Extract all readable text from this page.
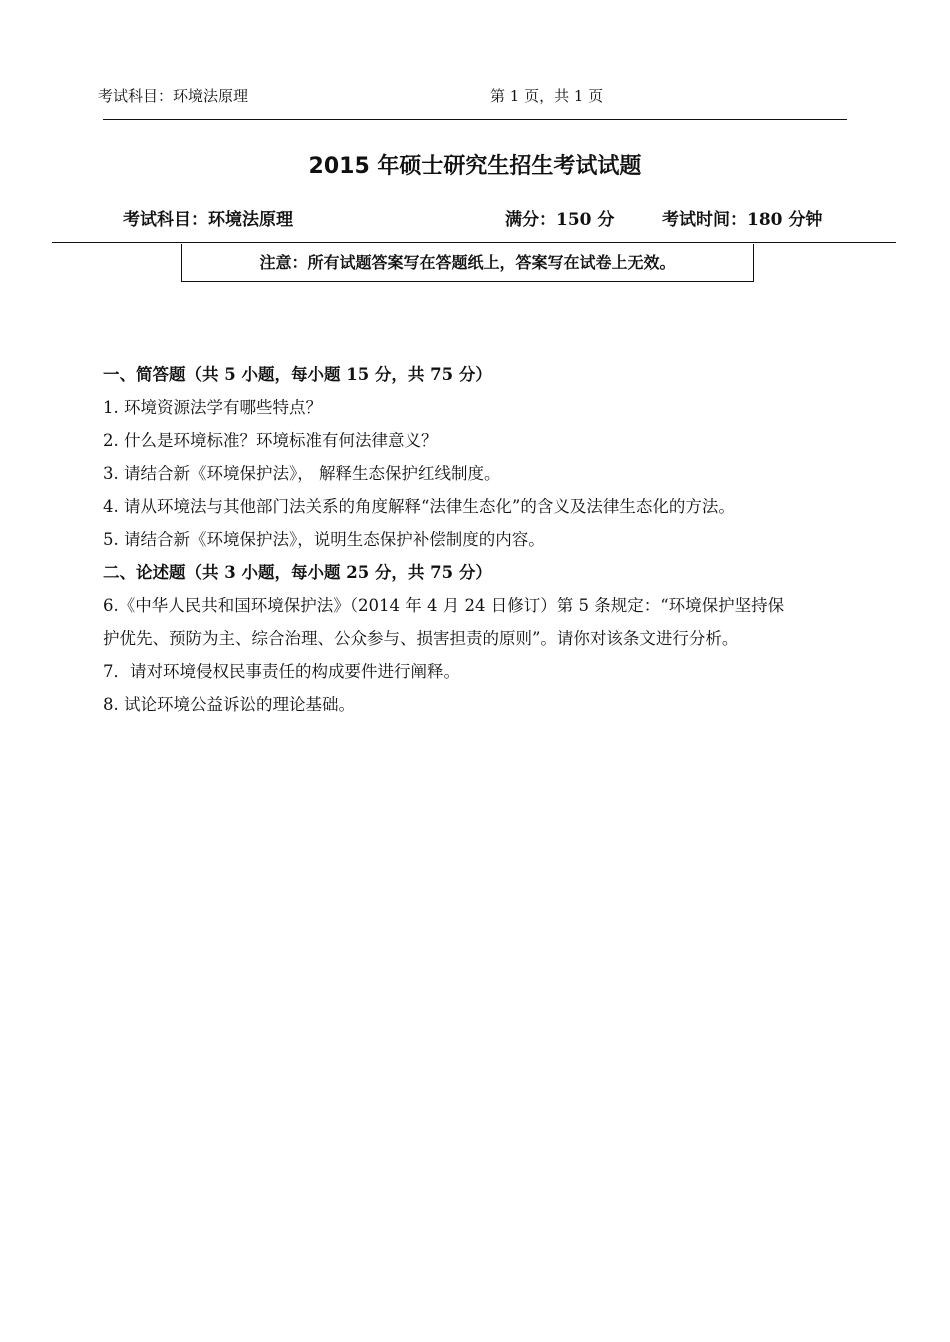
考试科目：环境法原理	第 1 页，共 1 页
2015 年硕士研究生招生考试试题
考试科目：环境法原理	满分：150 分	考试时间：180 分钟
注意：所有试题答案写在答题纸上，答案写在试卷上无效。
一、简答题（共 5 小题，每小题 15 分，共 75 分）
1. 环境资源法学有哪些特点？
2. 什么是环境标准？环境标准有何法律意义？
3. 请结合新《环境保护法》， 解释生态保护红线制度。
4. 请从环境法与其他部门法关系的角度解释“法律生态化”的含义及法律生态化的方法。
5. 请结合新《环境保护法》，说明生态保护补偿制度的内容。
二、论述题（共 3 小题，每小题 25 分，共 75 分）
6.《中华人民共和国环境保护法》（2014 年 4 月 24 日修订）第 5 条规定：“环境保护坚持保
护优先、预防为主、综合治理、公众参与、损害担责的原则”。请你对该条文进行分析。
7．请对环境侵权民事责任的构成要件进行阐释。
8. 试论环境公益诉讼的理论基础。
